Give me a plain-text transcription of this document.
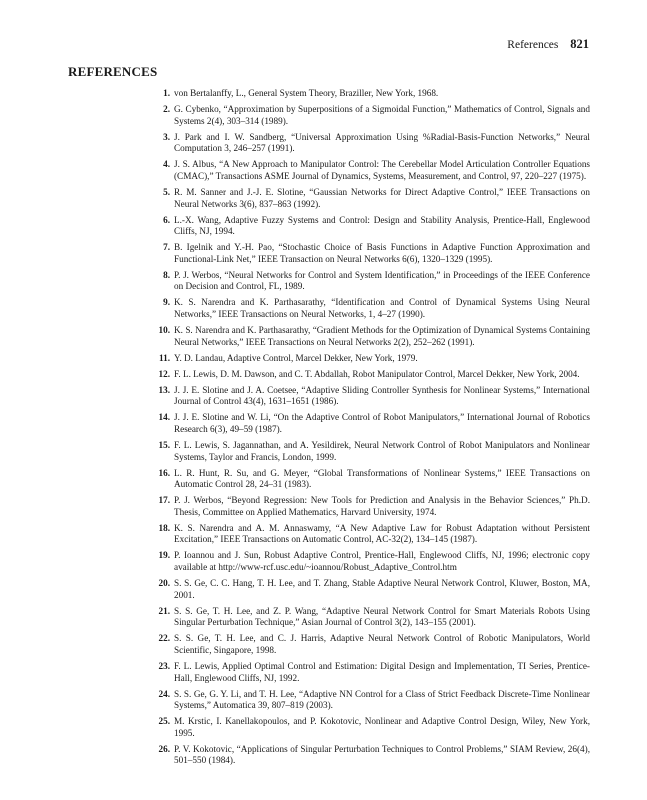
References 821
REFERENCES
1. von Bertalanffy, L., General System Theory, Braziller, New York, 1968.
2. G. Cybenko, “Approximation by Superpositions of a Sigmoidal Function,” Mathematics of Control, Signals and Systems 2(4), 303–314 (1989).
3. J. Park and I. W. Sandberg, “Universal Approximation Using %Radial-Basis-Function Networks,” Neural Computation 3, 246–257 (1991).
4. J. S. Albus, “A New Approach to Manipulator Control: The Cerebellar Model Articulation Controller Equations (CMAC),” Transactions ASME Journal of Dynamics, Systems, Measurement, and Control, 97, 220–227 (1975).
5. R. M. Sanner and J.-J. E. Slotine, “Gaussian Networks for Direct Adaptive Control,” IEEE Transactions on Neural Networks 3(6), 837–863 (1992).
6. L.-X. Wang, Adaptive Fuzzy Systems and Control: Design and Stability Analysis, Prentice-Hall, Englewood Cliffs, NJ, 1994.
7. B. Igelnik and Y.-H. Pao, “Stochastic Choice of Basis Functions in Adaptive Function Approximation and Functional-Link Net,” IEEE Transaction on Neural Networks 6(6), 1320–1329 (1995).
8. P. J. Werbos, “Neural Networks for Control and System Identification,” in Proceedings of the IEEE Conference on Decision and Control, FL, 1989.
9. K. S. Narendra and K. Parthasarathy, “Identification and Control of Dynamical Systems Using Neural Networks,” IEEE Transactions on Neural Networks, 1, 4–27 (1990).
10. K. S. Narendra and K. Parthasarathy, “Gradient Methods for the Optimization of Dynamical Systems Containing Neural Networks,” IEEE Transactions on Neural Networks 2(2), 252–262 (1991).
11. Y. D. Landau, Adaptive Control, Marcel Dekker, New York, 1979.
12. F. L. Lewis, D. M. Dawson, and C. T. Abdallah, Robot Manipulator Control, Marcel Dekker, New York, 2004.
13. J. J. E. Slotine and J. A. Coetsee, “Adaptive Sliding Controller Synthesis for Nonlinear Systems,” International Journal of Control 43(4), 1631–1651 (1986).
14. J. J. E. Slotine and W. Li, “On the Adaptive Control of Robot Manipulators,” International Journal of Robotics Research 6(3), 49–59 (1987).
15. F. L. Lewis, S. Jagannathan, and A. Yesildirek, Neural Network Control of Robot Manipulators and Nonlinear Systems, Taylor and Francis, London, 1999.
16. L. R. Hunt, R. Su, and G. Meyer, “Global Transformations of Nonlinear Systems,” IEEE Transactions on Automatic Control 28, 24–31 (1983).
17. P. J. Werbos, “Beyond Regression: New Tools for Prediction and Analysis in the Behavior Sciences,” Ph.D. Thesis, Committee on Applied Mathematics, Harvard University, 1974.
18. K. S. Narendra and A. M. Annaswamy, “A New Adaptive Law for Robust Adaptation without Persistent Excitation,” IEEE Transactions on Automatic Control, AC-32(2), 134–145 (1987).
19. P. Ioannou and J. Sun, Robust Adaptive Control, Prentice-Hall, Englewood Cliffs, NJ, 1996; electronic copy available at http://www-rcf.usc.edu/~ioannou/Robust_Adaptive_Control.htm
20. S. S. Ge, C. C. Hang, T. H. Lee, and T. Zhang, Stable Adaptive Neural Network Control, Kluwer, Boston, MA, 2001.
21. S. S. Ge, T. H. Lee, and Z. P. Wang, “Adaptive Neural Network Control for Smart Materials Robots Using Singular Perturbation Technique,” Asian Journal of Control 3(2), 143–155 (2001).
22. S. S. Ge, T. H. Lee, and C. J. Harris, Adaptive Neural Network Control of Robotic Manipulators, World Scientific, Singapore, 1998.
23. F. L. Lewis, Applied Optimal Control and Estimation: Digital Design and Implementation, TI Series, Prentice-Hall, Englewood Cliffs, NJ, 1992.
24. S. S. Ge, G. Y. Li, and T. H. Lee, “Adaptive NN Control for a Class of Strict Feedback Discrete-Time Nonlinear Systems,” Automatica 39, 807–819 (2003).
25. M. Krstic, I. Kanellakopoulos, and P. Kokotovic, Nonlinear and Adaptive Control Design, Wiley, New York, 1995.
26. P. V. Kokotovic, “Applications of Singular Perturbation Techniques to Control Problems,” SIAM Review, 26(4), 501–550 (1984).
